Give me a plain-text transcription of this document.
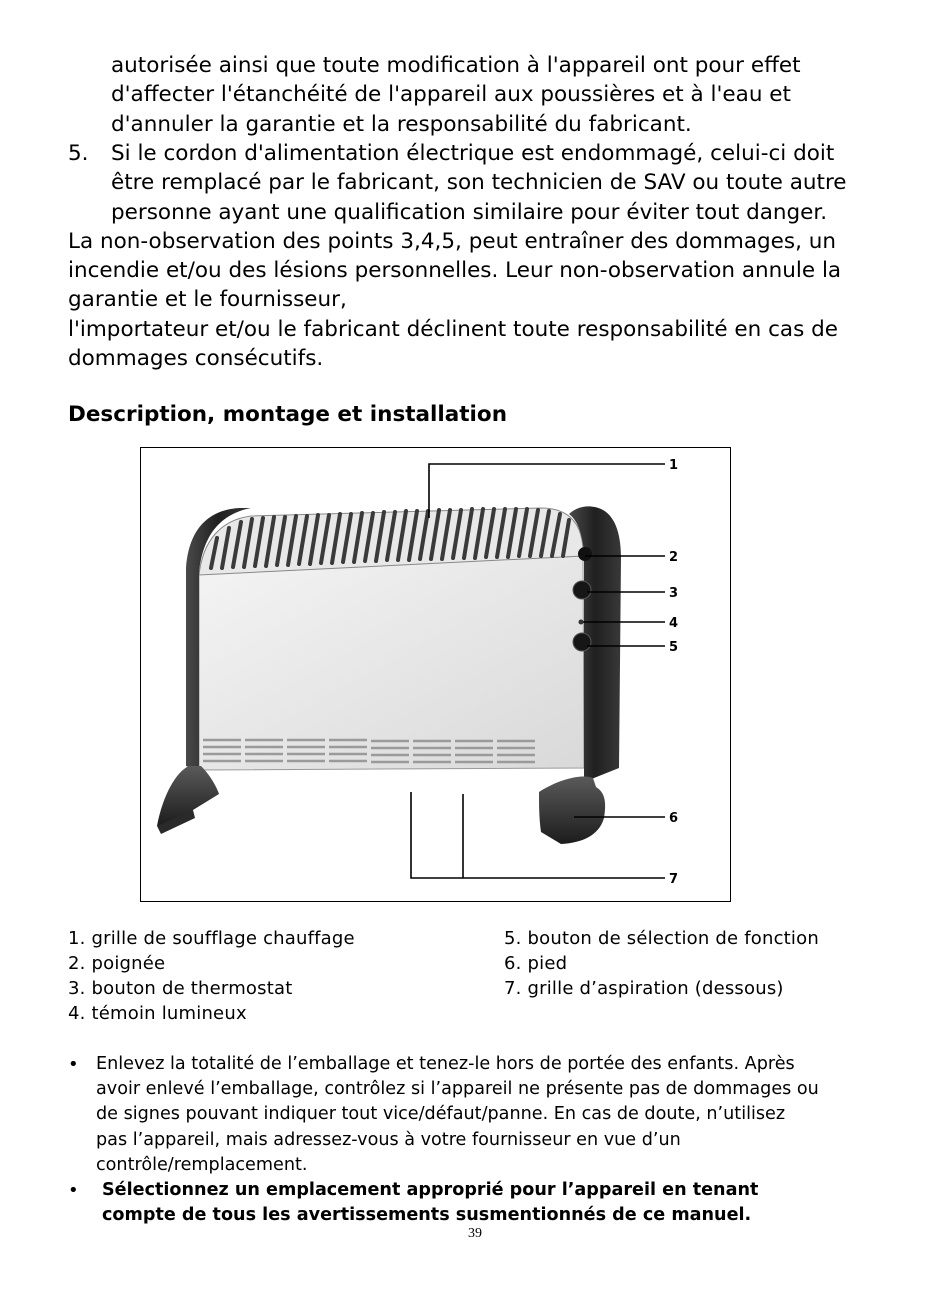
autorisée ainsi que toute modification à l'appareil ont pour effet
d'affecter l'étanchéité de l'appareil aux poussières et à l'eau et
d'annuler la garantie et la responsabilité du fabricant.
5. Si le cordon d'alimentation électrique est endommagé, celui-ci doit
être remplacé par le fabricant, son technicien de SAV ou toute autre
personne ayant une qualification similaire pour éviter tout danger.
La non-observation des points 3,4,5, peut entraîner des dommages, un
incendie et/ou des lésions personnelles. Leur non-observation annule la
garantie et le fournisseur,
l'importateur et/ou le fabricant déclinent toute responsabilité en cas de
dommages consécutifs.
Description, montage et installation
1
2
3
4
5
6
7
1. grille de soufflage chauffage
2. poignée
3. bouton de thermostat
4. témoin lumineux
5. bouton de sélection de fonction
6. pied
7. grille d’aspiration (dessous)
• Enlevez la totalité de l’emballage et tenez-le hors de portée des enfants. Après
avoir enlevé l’emballage, contrôlez si l’appareil ne présente pas de dommages ou
de signes pouvant indiquer tout vice/défaut/panne. En cas de doute, n’utilisez
pas l’appareil, mais adressez-vous à votre fournisseur en vue d’un
contrôle/remplacement.
• Sélectionnez un emplacement approprié pour l’appareil en tenant
compte de tous les avertissements susmentionnés de ce manuel.
39
